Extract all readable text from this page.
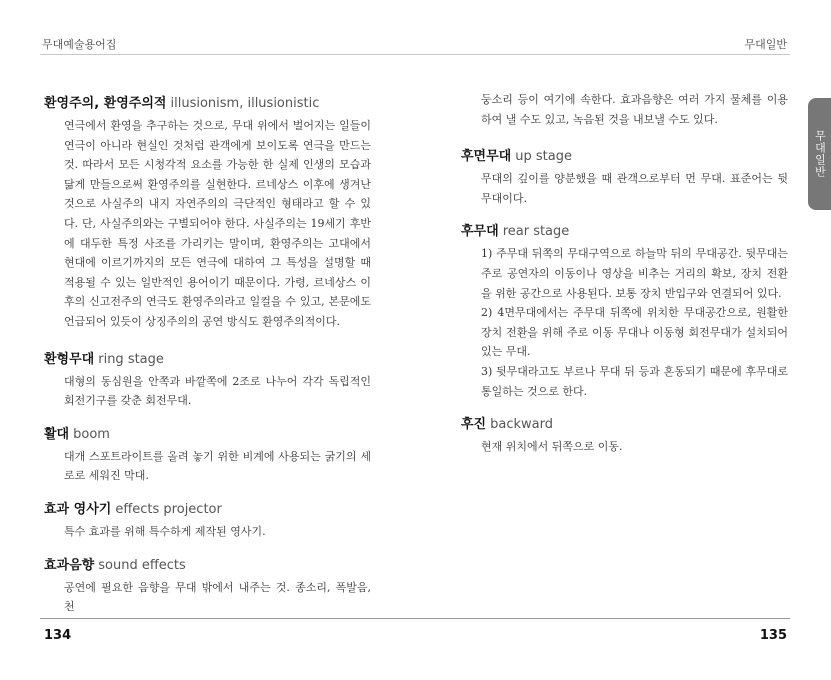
무대예술용어집	무대일반
무대일반
환영주의, 환영주의적 illusionism, illusionistic

연극에서 환영을 추구하는 것으로, 무대 위에서 벌어지는 일들이 연극이 아니라 현실인 것처럼 관객에게 보이도록 연극을 만드는 것. 따라서 모든 시청각적 요소를 가능한 한 실제 인생의 모습과 닮게 만들으로써 환영주의를 실현한다. 르네상스 이후에 생겨난 것으로 사실주의 내지 자연주의의 극단적인 형태라고 할 수 있다. 단, 사실주의와는 구별되어야 한다. 사실주의는 19세기 후반에 대두한 특정 사조를 가리키는 말이며, 환영주의는 고대에서 현대에 이르기까지의 모든 연극에 대하여 그 특성을 설명할 때 적용될 수 있는 일반적인 용어이기 때문이다. 가령, 르네상스 이후의 신고전주의 연극도 환영주의라고 일컬을 수 있고, 본문에도 언급되어 있듯이 상징주의의 공연 방식도 환영주의적이다.

환형무대 ring stage

대형의 동심원을 안쪽과 바깥쪽에 2조로 나누어 각각 독립적인 회전기구를 갖춘 회전무대.

활대 boom

대개 스포트라이트를 올려 놓기 위한 비계에 사용되는 굵기의 세로로 세워진 막대.

효과 영사기 effects projector

특수 효과를 위해 특수하게 제작된 영사기.

효과음향 sound effects

공연에 필요한 음향을 무대 밖에서 내주는 것. 종소리, 폭발음, 천

둥소리 등이 여기에 속한다. 효과음향은 여러 가지 물체를 이용하여 낼 수도 있고, 녹음된 것을 내보낼 수도 있다.

후면무대 up stage

무대의 깊이를 양분했을 때 관객으로부터 먼 무대. 표준어는 뒷무대이다.

후무대 rear stage

1) 주무대 뒤쪽의 무대구역으로 하늘막 뒤의 무대공간. 뒷무대는 주로 공연자의 이동이나 영상을 비추는 거리의 확보, 장치 전환을 위한 공간으로 사용된다. 보통 장치 반입구와 연결되어 있다.

2) 4면무대에서는 주무대 뒤쪽에 위치한 무대공간으로, 원활한 장치 전환을 위해 주로 이동 무대나 이동형 회전무대가 설치되어 있는 무대.

3) 뒷무대라고도 부르나 무대 뒤 등과 혼동되기 때문에 후무대로 통일하는 것으로 한다.

후진 backward

현재 위치에서 뒤쪽으로 이동.

134	135
